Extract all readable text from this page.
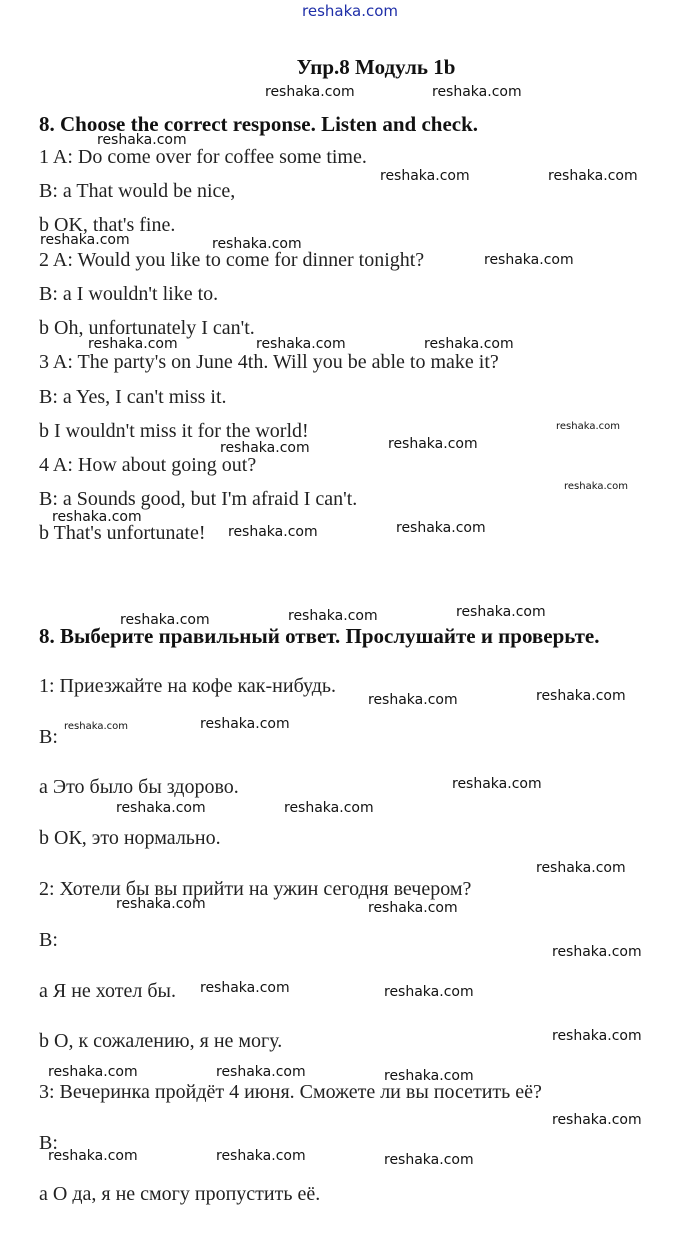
reshaka.com
Упр.8 Модуль 1b
8. Choose the correct response. Listen and check.
1 A: Do come over for coffee some time.
B: a That would be nice,
b OK, that's fine.
2 A: Would you like to come for dinner tonight?
B: a I wouldn't like to.
b Oh, unfortunately I can't.
3 A: The party's on June 4th. Will you be able to make it?
B: a Yes, I can't miss it.
b I wouldn't miss it for the world!
4 A: How about going out?
B: a Sounds good, but I'm afraid I can't.
b That's unfortunate!
8. Выберите правильный ответ. Прослушайте и проверьте.
1: Приезжайте на кофе как-нибудь.
B:
a Это было бы здорово.
b ОК, это нормально.
2: Хотели бы вы прийти на ужин сегодня вечером?
B:
a Я не хотел бы.
b О, к сожалению, я не могу.
3: Вечеринка пройдёт 4 июня. Сможете ли вы посетить её?
B:
a О да, я не смогу пропустить её.
reshaka.com	reshaka.com
reshaka.com
reshaka.com	reshaka.com
reshaka.com	reshaka.com
reshaka.com
reshaka.com	reshaka.com	reshaka.com
reshaka.com
reshaka.com
reshaka.com
reshaka.com
reshaka.com
reshaka.com
reshaka.com
reshaka.com
reshaka.com
reshaka.com
reshaka.com
reshaka.com
reshaka.com	reshaka.com
reshaka.com
reshaka.com	reshaka.com
reshaka.com
reshaka.com	reshaka.com
reshaka.com
reshaka.com	reshaka.com
reshaka.com
reshaka.com	reshaka.com	reshaka.com
reshaka.com
reshaka.com	reshaka.com	reshaka.com
